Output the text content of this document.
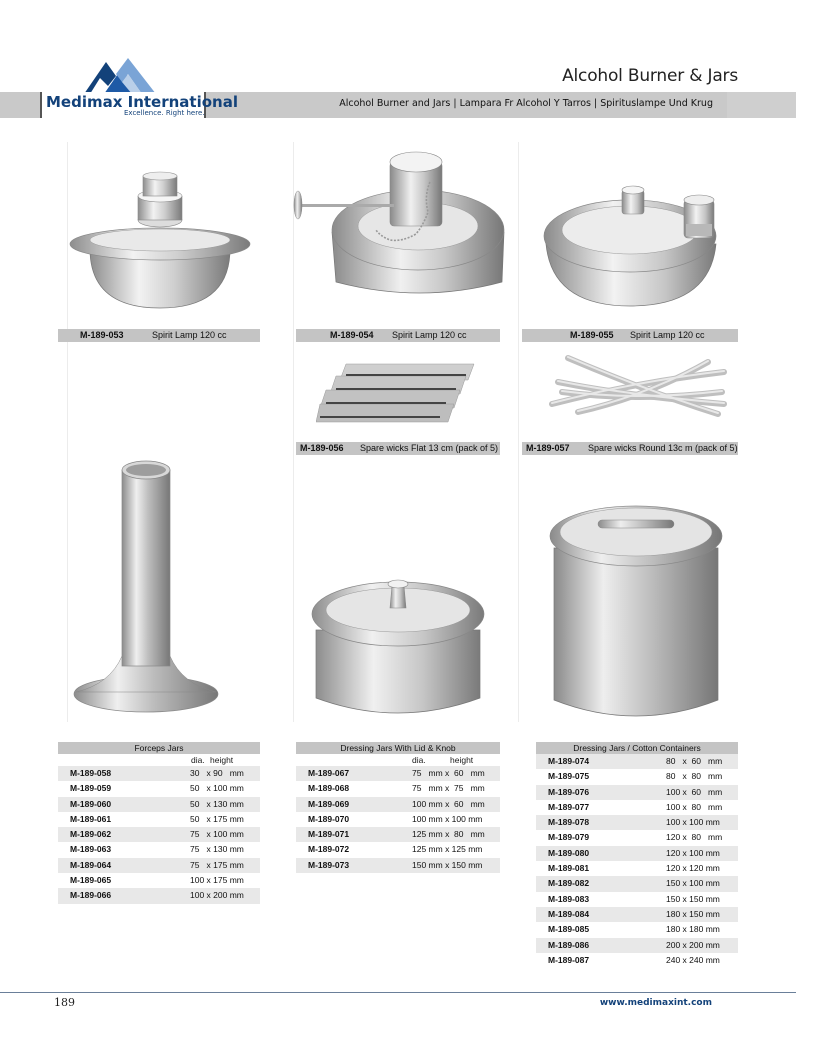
Alcohol Burner & Jars
Medimax International
Excellence. Right here.
Alcohol Burner and Jars | Lampara Fr Alcohol Y Tarros | Spirituslampe Und Krug
M-189-053	Spirit Lamp 120 cc	M-189-054 Spirit Lamp 120 cc	M-189-055 Spirit Lamp 120 cc
M-189-056 Spare wicks Flat 13 cm (pack of 5)	M-189-057 Spare wicks Round 13c m (pack of 5)
Forceps Jars
dia. height
M-189-058	30   x 90   mm
M-189-059	50   x 100 mm
M-189-060	50   x 130 mm
M-189-061	50   x 175 mm
M-189-062	75   x 100 mm
M-189-063	75   x 130 mm
M-189-064	75   x 175 mm
M-189-065	100 x 175 mm
M-189-066	100 x 200 mm
Dressing Jars With Lid & Knob
dia.	height
M-189-067	75   mm x  60   mm
M-189-068	75   mm x  75   mm
M-189-069	100 mm x  60   mm
M-189-070	100 mm x 100 mm
M-189-071	125 mm x  80   mm
M-189-072	125 mm x 125 mm
M-189-073	150 mm x 150 mm
Dressing Jars / Cotton Containers
M-189-074	80   x  60   mm
M-189-075	80   x  80   mm
M-189-076	100 x  60   mm
M-189-077	100 x  80   mm
M-189-078	100 x 100 mm
M-189-079	120 x  80   mm
M-189-080	120 x 100 mm
M-189-081	120 x 120 mm
M-189-082	150 x 100 mm
M-189-083	150 x 150 mm
M-189-084	180 x 150 mm
M-189-085	180 x 180 mm
M-189-086	200 x 200 mm
M-189-087	240 x 240 mm
189	www.medimaxint.com
